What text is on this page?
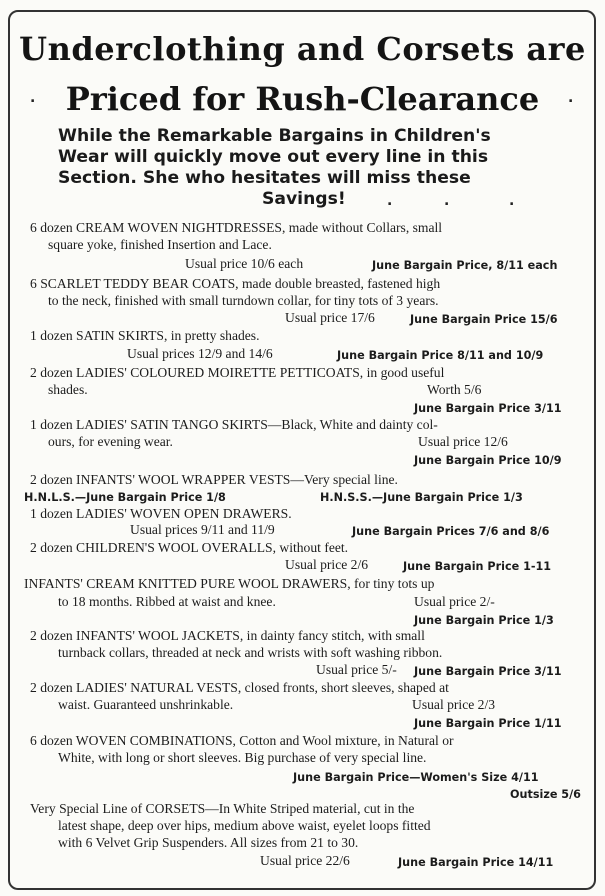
Underclothing and Corsets are
. Priced for Rush-Clearance	.
While the Remarkable Bargains in Children's
Wear will quickly move out every line in this
Section. She who hesitates will miss these
Savings!	.	.	.
6 dozen CREAM WOVEN NIGHTDRESSES, made without Collars, small
square yoke, finished Insertion and Lace.
Usual price 10/6 each	June Bargain Price, 8/11 each
6 SCARLET TEDDY BEAR COATS, made double breasted, fastened high
to the neck, finished with small turndown collar, for tiny tots of 3 years.
Usual price 17/6	June Bargain Price 15/6
1 dozen SATIN SKIRTS, in pretty shades.
Usual prices 12/9 and 14/6	June Bargain Price 8/11 and 10/9
2 dozen LADIES' COLOURED MOIRETTE PETTICOATS, in good useful
shades.	Worth 5/6
June Bargain Price 3/11
1 dozen LADIES' SATIN TANGO SKIRTS—Black, White and dainty col-
ours, for evening wear.	Usual price 12/6
June Bargain Price 10/9
2 dozen INFANTS' WOOL WRAPPER VESTS—Very special line.
H.N.L.S.—June Bargain Price 1/8	H.N.S.S.—June Bargain Price 1/3
1 dozen LADIES' WOVEN OPEN DRAWERS.
Usual prices 9/11 and 11/9	June Bargain Prices 7/6 and 8/6
2 dozen CHILDREN'S WOOL OVERALLS, without feet.
Usual price 2/6	June Bargain Price 1-11
INFANTS' CREAM KNITTED PURE WOOL DRAWERS, for tiny tots up
to 18 months. Ribbed at waist and knee.	Usual price 2/-
June Bargain Price 1/3
2 dozen INFANTS' WOOL JACKETS, in dainty fancy stitch, with small
turnback collars, threaded at neck and wrists with soft washing ribbon.
Usual price 5/- June Bargain Price 3/11
2 dozen LADIES' NATURAL VESTS, closed fronts, short sleeves, shaped at
waist. Guaranteed unshrinkable.	Usual price 2/3
June Bargain Price 1/11
6 dozen WOVEN COMBINATIONS, Cotton and Wool mixture, in Natural or
White, with long or short sleeves. Big purchase of very special line.
June Bargain Price—Women's Size 4/11
Outsize 5/6
Very Special Line of CORSETS—In White Striped material, cut in the
latest shape, deep over hips, medium above waist, eyelet loops fitted
with 6 Velvet Grip Suspenders. All sizes from 21 to 30.
Usual price 22/6	June Bargain Price 14/11
